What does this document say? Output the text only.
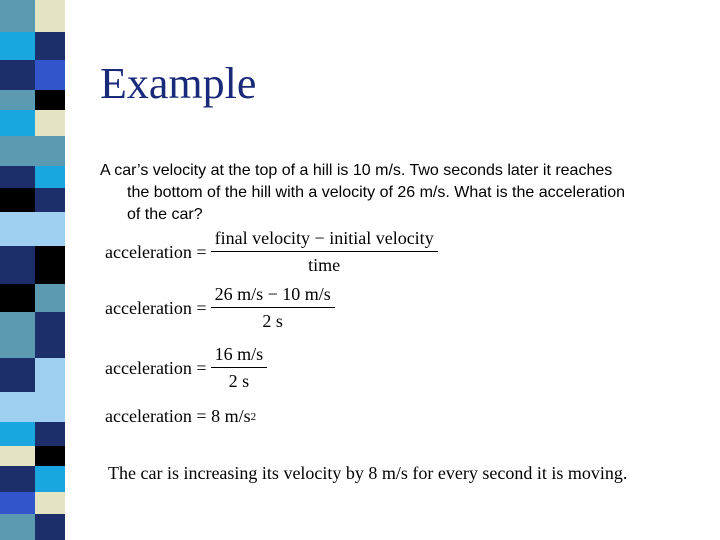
Example
A car’s velocity at the top of a hill is 10 m/s. Two seconds later it reaches
the bottom of the hill with a velocity of 26 m/s. What is the acceleration
of the car?
acceleration = $\frac{\text{final velocity − initial velocity}}{\text{time}}$
acceleration = $\frac{26 m/s - 10 m/s}{2 s}$
acceleration = $\frac{16 m/s}{2 s}$
acceleration = 8 m/s 2
The car is increasing its velocity by 8 m/s for every second it is moving.
